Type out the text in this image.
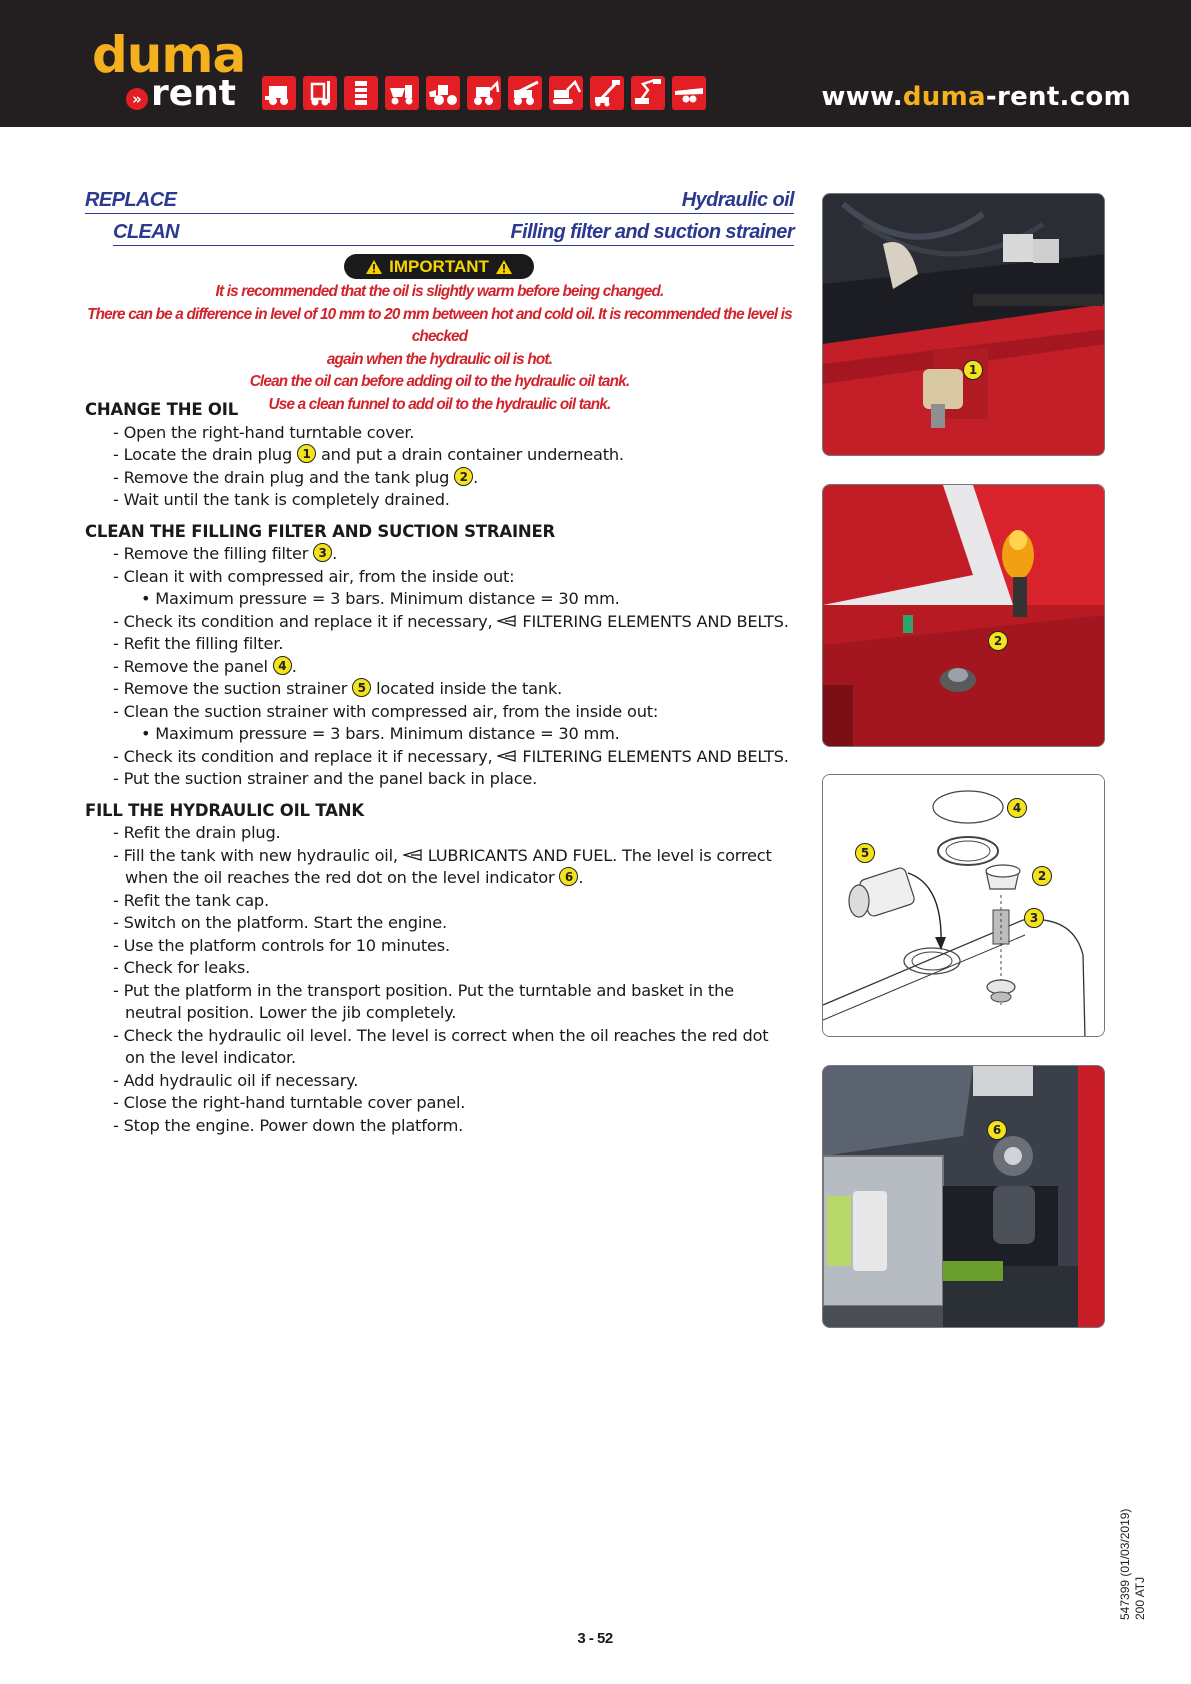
duma
» rent	www.duma-rent.com
REPLACE	Hydraulic oil
CLEAN	Filling filter and suction strainer
IMPORTANT
It is recommended that the oil is slightly warm before being changed.
There can be a difference in level of 10 mm to 20 mm between hot and cold oil. It is recommended the level is checked
again when the hydraulic oil is hot.
Clean the oil can before adding oil to the hydraulic oil tank.
Use a clean funnel to add oil to the hydraulic oil tank.
CHANGE THE OIL
- Open the right-hand turntable cover.
- Locate the drain plug 1 and put a drain container underneath.
- Remove the drain plug and the tank plug 2 .
- Wait until the tank is completely drained.
CLEAN THE FILLING FILTER AND SUCTION STRAINER
- Remove the filling filter 3 .
- Clean it with compressed air, from the inside out:
• Maximum pressure = 3 bars. Minimum distance = 30 mm.
- Check its condition and replace it if necessary,  FILTERING ELEMENTS AND BELTS.
- Refit the filling filter.
- Remove the panel 4 .
- Remove the suction strainer 5 located inside the tank.
- Clean the suction strainer with compressed air, from the inside out:
• Maximum pressure = 3 bars. Minimum distance = 30 mm.
- Check its condition and replace it if necessary,  FILTERING ELEMENTS AND BELTS.
- Put the suction strainer and the panel back in place.
FILL THE HYDRAULIC OIL TANK
- Refit the drain plug.
- Fill the tank with new hydraulic oil,  LUBRICANTS AND FUEL. The level is correct
when the oil reaches the red dot on the level indicator 6 .
- Refit the tank cap.
- Switch on the platform. Start the engine.
- Use the platform controls for 10 minutes.
- Check for leaks.
- Put the platform in the transport position. Put the turntable and basket in the
neutral position. Lower the jib completely.
- Check the hydraulic oil level. The level is correct when the oil reaches the red dot
on the level indicator.
- Add hydraulic oil if necessary.
- Close the right-hand turntable cover panel.
- Stop the engine. Power down the platform.
1
2
4
5
2
3
6
3 - 52
547399 (01/03/2019) 200 ATJ
